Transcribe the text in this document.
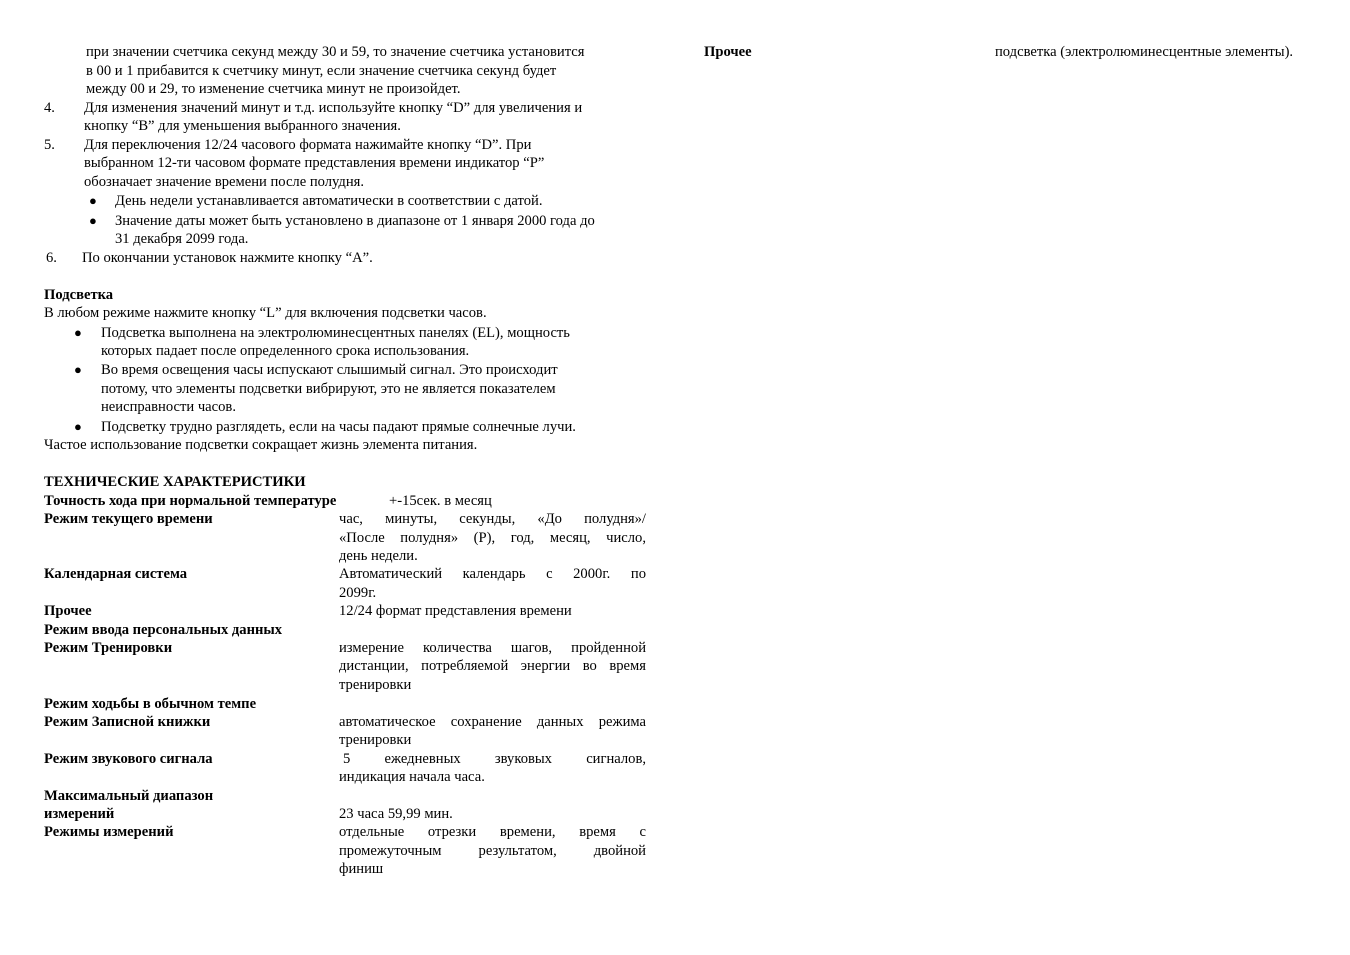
при значении счетчика секунд между 30 и 59, то значение счетчика установится
в 00 и 1 прибавится к счетчику минут, если значение счетчика секунд будет
между 00 и 29, то изменение счетчика минут не произойдет.
4. Для изменения значений минут и т.д. используйте кнопку “D” для увеличения и
кнопку “B” для уменьшения выбранного значения.
5. Для переключения 12/24 часового формата нажимайте кнопку “D”. При
выбранном 12-ти часовом формате представления времени индикатор “P”
обозначает значение времени после полудня.
● День недели устанавливается автоматически в соответствии с датой.
● Значение даты может быть установлено в диапазоне от 1 января 2000 года до
31 декабря 2099 года.
6. По окончании установок нажмите кнопку “A”.
Подсветка
В любом режиме нажмите кнопку “L” для включения подсветки часов.
● Подсветка выполнена на электролюминесцентных панелях (EL), мощность
которых падает после определенного срока использования.
● Во время освещения часы испускают слышимый сигнал. Это происходит
потому, что элементы подсветки вибрируют, это не является показателем
неисправности часов.
● Подсветку трудно разглядеть, если на часы падают прямые солнечные лучи.
Частое использование подсветки сокращает жизнь элемента питания.
ТЕХНИЧЕСКИЕ ХАРАКТЕРИСТИКИ
Точность хода при нормальной температуре	+-15сек. в месяц
Режим текущего времени	час, минуты, секунды, «До полудня»/
«После полудня» (P), год, месяц, число,
день недели.
Календарная система	Автоматический календарь с 2000г. по
2099г.
Прочее	12/24 формат представления времени
Режим ввода персональных данных
Режим Тренировки	измерение количества шагов, пройденной
дистанции, потребляемой энергии во время
тренировки
Режим ходьбы в обычном темпе
Режим Записной книжки	автоматическое сохранение данных режима
тренировки
Режим звукового сигнала	5 ежедневных звуковых сигналов,
индикация начала часа.
Максимальный диапазон
измерений	23 часа 59,99 мин.
Режимы измерений	отдельные отрезки времени, время с
промежуточным результатом, двойной
финиш
Прочее	подсветка (электролюминесцентные элементы).
